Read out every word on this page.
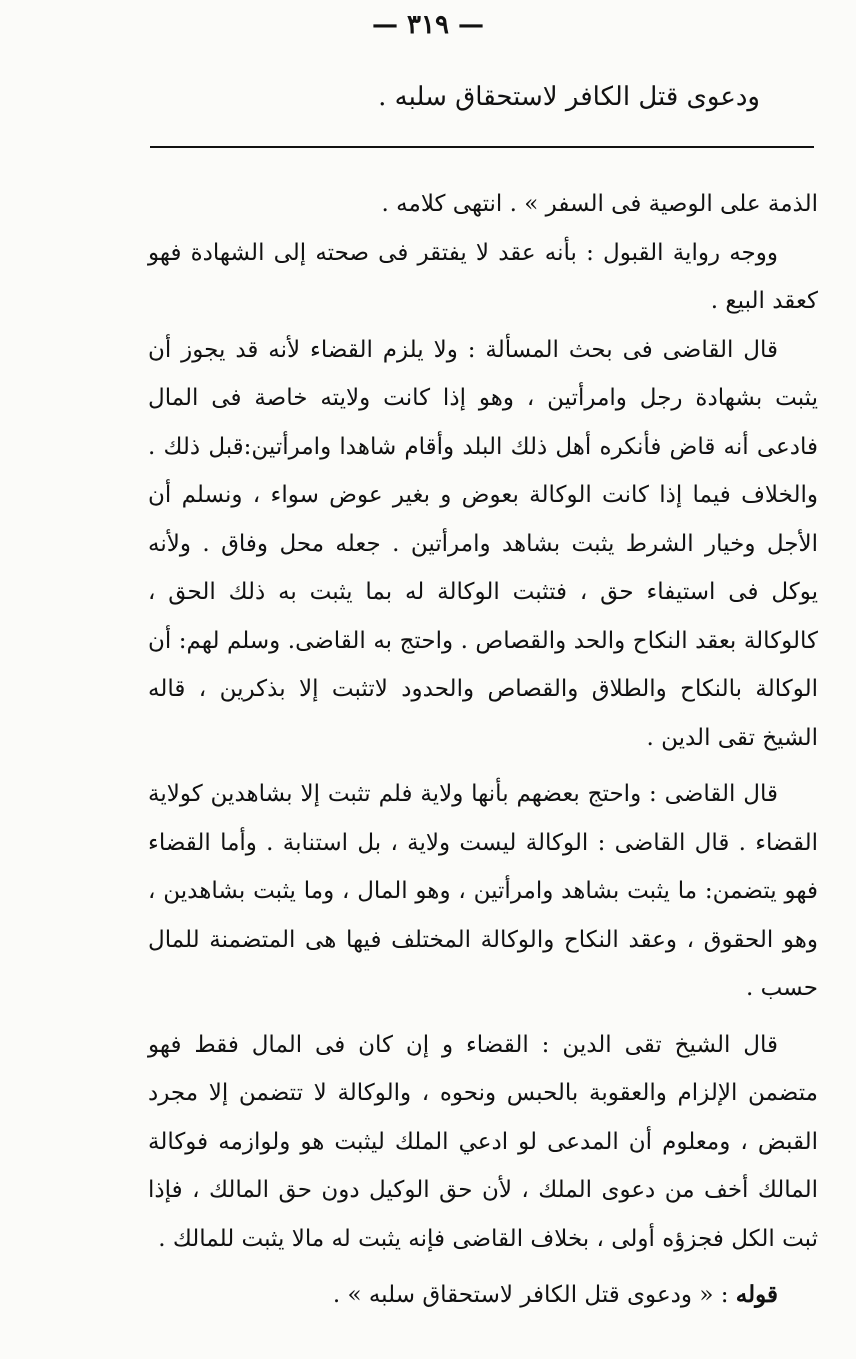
— ٣١٩ —
ودعوى قتل الكافر لاستحقاق سلبه .

الذمة على الوصية فى السفر » . انتهى كلامه .

ووجه رواية القبول : بأنه عقد لا يفتقر فى صحته إلى الشهادة فهو كعقد البيع .

قال القاضى فى بحث المسألة : ولا يلزم القضاء لأنه قد يجوز أن يثبت بشهادة رجل وامرأتين ، وهو إذا كانت ولايته خاصة فى المال فادعى أنه قاض فأنكره أهل ذلك البلد وأقام شاهدا وامرأتين:قبل ذلك . والخلاف فيما إذا كانت الوكالة بعوض و بغير عوض سواء ، ونسلم أن الأجل وخيار الشرط يثبت بشاهد وامرأتين . جعله محل وفاق . ولأنه يوكل فى استيفاء حق ، فتثبت الوكالة له بما يثبت به ذلك الحق ، كالوكالة بعقد النكاح والحد والقصاص . واحتج به القاضى. وسلم لهم: أن الوكالة بالنكاح والطلاق والقصاص والحدود لاتثبت إلا بذكرين ، قاله الشيخ تقى الدين .

قال القاضى : واحتج بعضهم بأنها ولاية فلم تثبت إلا بشاهدين كولاية القضاء . قال القاضى : الوكالة ليست ولاية ، بل استنابة . وأما القضاء فهو يتضمن: ما يثبت بشاهد وامرأتين ، وهو المال ، وما يثبت بشاهدين ، وهو الحقوق ، وعقد النكاح والوكالة المختلف فيها هى المتضمنة للمال حسب .

قال الشيخ تقى الدين : القضاء و إن كان فى المال فقط فهو متضمن الإلزام والعقوبة بالحبس ونحوه ، والوكالة لا تتضمن إلا مجرد القبض ، ومعلوم أن المدعى لو ادعي الملك ليثبت هو ولوازمه فوكالة المالك أخف من دعوى الملك ، لأن حق الوكيل دون حق المالك ، فإذا ثبت الكل فجزؤه أولى ، بخلاف القاضى فإنه يثبت له مالا يثبت للمالك .

قوله : « ودعوى قتل الكافر لاستحقاق سلبه » .
